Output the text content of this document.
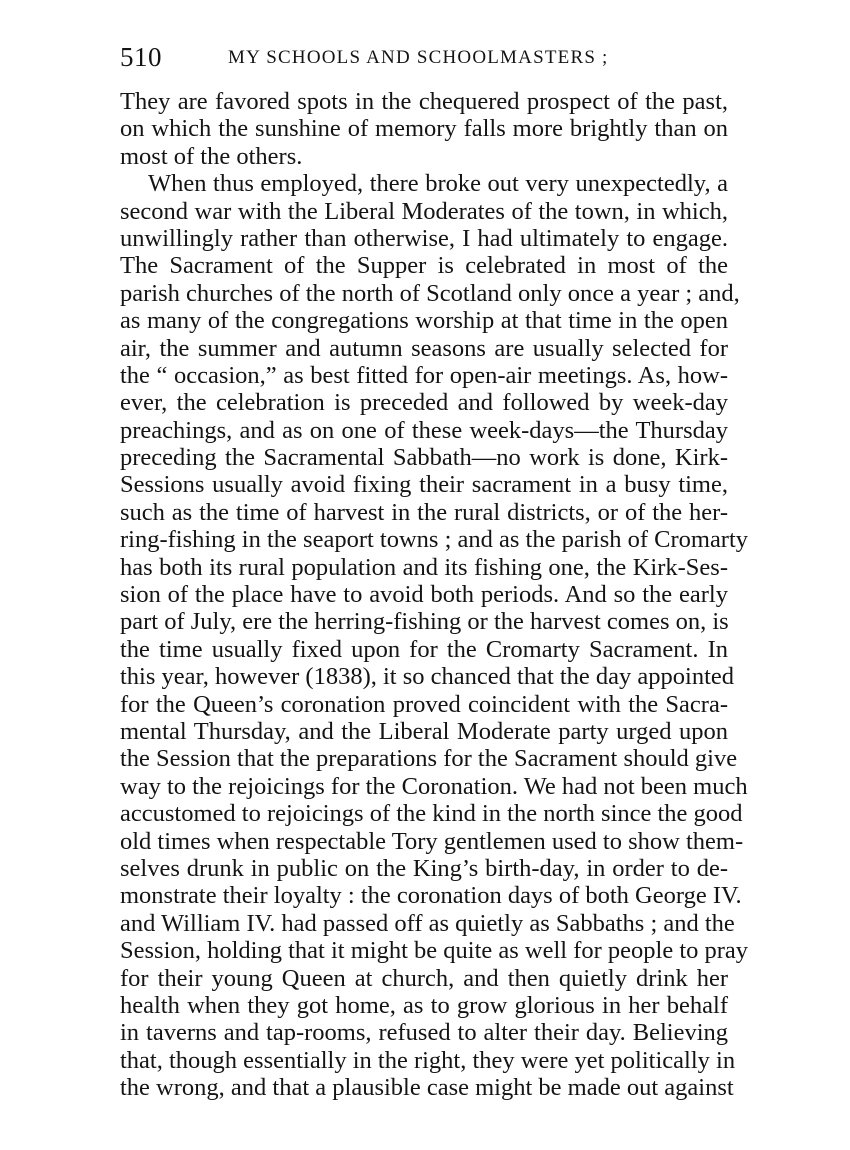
510	MY SCHOOLS AND SCHOOLMASTERS ;
They are favored spots in the chequered prospect of the past,
on which the sunshine of memory falls more brightly than on
most of the others.
When thus employed, there broke out very unexpectedly, a
second war with the Liberal Moderates of the town, in which,
unwillingly rather than otherwise, I had ultimately to engage.
The Sacrament of the Supper is celebrated in most of the
parish churches of the north of Scotland only once a year ; and,
as many of the congregations worship at that time in the open
air, the summer and autumn seasons are usually selected for
the “ occasion,” as best fitted for open-air meetings. As, how-
ever, the celebration is preceded and followed by week-day
preachings, and as on one of these week-days—the Thursday
preceding the Sacramental Sabbath—no work is done, Kirk-
Sessions usually avoid fixing their sacrament in a busy time,
such as the time of harvest in the rural districts, or of the her-
ring-fishing in the seaport towns ; and as the parish of Cromarty
has both its rural population and its fishing one, the Kirk-Ses-
sion of the place have to avoid both periods. And so the early
part of July, ere the herring-fishing or the harvest comes on, is
the time usually fixed upon for the Cromarty Sacrament. In
this year, however (1838), it so chanced that the day appointed
for the Queen’s coronation proved coincident with the Sacra-
mental Thursday, and the Liberal Moderate party urged upon
the Session that the preparations for the Sacrament should give
way to the rejoicings for the Coronation. We had not been much
accustomed to rejoicings of the kind in the north since the good
old times when respectable Tory gentlemen used to show them-
selves drunk in public on the King’s birth-day, in order to de-
monstrate their loyalty : the coronation days of both George IV.
and William IV. had passed off as quietly as Sabbaths ; and the
Session, holding that it might be quite as well for people to pray
for their young Queen at church, and then quietly drink her
health when they got home, as to grow glorious in her behalf
in taverns and tap-rooms, refused to alter their day. Believing
that, though essentially in the right, they were yet politically in
the wrong, and that a plausible case might be made out against
